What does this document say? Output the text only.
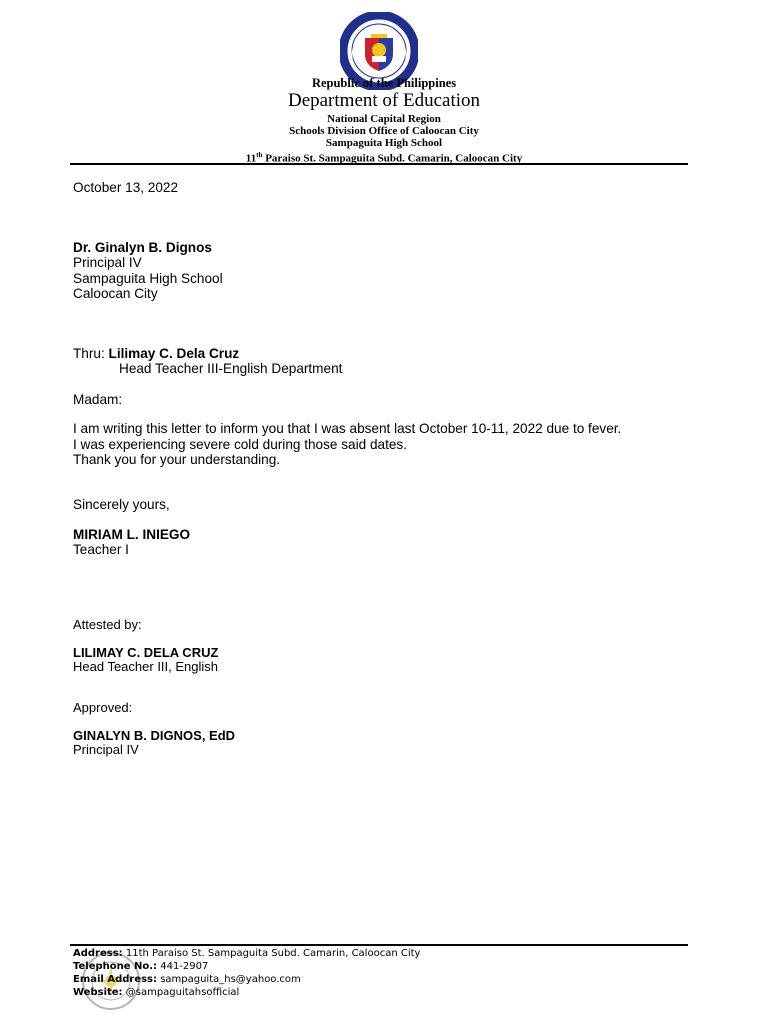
Republic of the Philippines
Department of Education
National Capital Region
Schools Division Office of Caloocan City
Sampaguita High School
11th Paraiso St. Sampaguita Subd. Camarin, Caloocan City
October 13, 2022
Dr. Ginalyn B. Dignos
Principal IV
Sampaguita High School
Caloocan City
Thru: Lilimay C. Dela Cruz
Head Teacher III-English Department
Madam:
I am writing this letter to inform you that I was absent last October 10-11, 2022 due to fever.
I was experiencing severe cold during those said dates.
Thank you for your understanding.
Sincerely yours,
MIRIAM L. INIEGO
Teacher I
Attested by:
LILIMAY C. DELA CRUZ
Head Teacher III, English
Approved:
GINALYN B. DIGNOS, EdD
Principal IV
Address: 11th Paraiso St. Sampaguita Subd. Camarin, Caloocan City
Telephone No.: 441-2907
Email Address: sampaguita_hs@yahoo.com
Website: @sampaguitahsofficial
